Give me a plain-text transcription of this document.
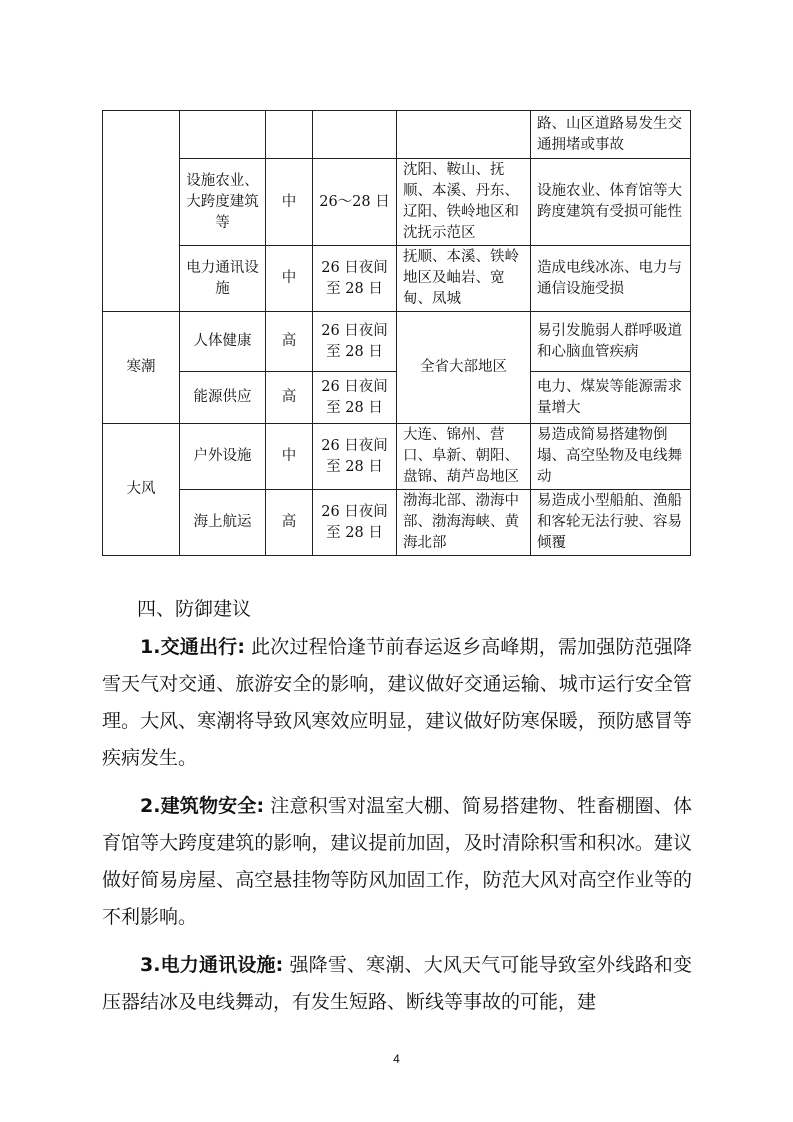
					路、山区道路易发生交通拥堵或事故
	设施农业、大跨度建筑等	中	26～28 日	沈阳、鞍山、抚顺、本溪、丹东、辽阳、铁岭地区和沈抚示范区	设施农业、体育馆等大跨度建筑有受损可能性
	电力通讯设施	中	26 日夜间至 28 日	抚顺、本溪、铁岭地区及岫岩、宽甸、凤城	造成电线冰冻、电力与通信设施受损
寒潮	人体健康	高	26 日夜间至 28 日	全省大部地区	易引发脆弱人群呼吸道和心脑血管疾病
	能源供应	高	26 日夜间至 28 日		电力、煤炭等能源需求量增大
大风	户外设施	中	26 日夜间至 28 日	大连、锦州、营口、阜新、朝阳、盘锦、葫芦岛地区	易造成简易搭建物倒塌、高空坠物及电线舞动
	海上航运	高	26 日夜间至 28 日	渤海北部、渤海中部、渤海海峡、黄海北部	易造成小型船舶、渔船和客轮无法行驶、容易倾覆
四、防御建议

1.交通出行: 此次过程恰逢节前春运返乡高峰期，需加强防范强降雪天气对交通、旅游安全的影响，建议做好交通运输、城市运行安全管理。大风、寒潮将导致风寒效应明显，建议做好防寒保暖，预防感冒等疾病发生。

2.建筑物安全: 注意积雪对温室大棚、简易搭建物、牲畜棚圈、体育馆等大跨度建筑的影响，建议提前加固，及时清除积雪和积冰。建议做好简易房屋、高空悬挂物等防风加固工作，防范大风对高空作业等的不利影响。

3.电力通讯设施: 强降雪、寒潮、大风天气可能导致室外线路和变压器结冰及电线舞动，有发生短路、断线等事故的可能，建

4
